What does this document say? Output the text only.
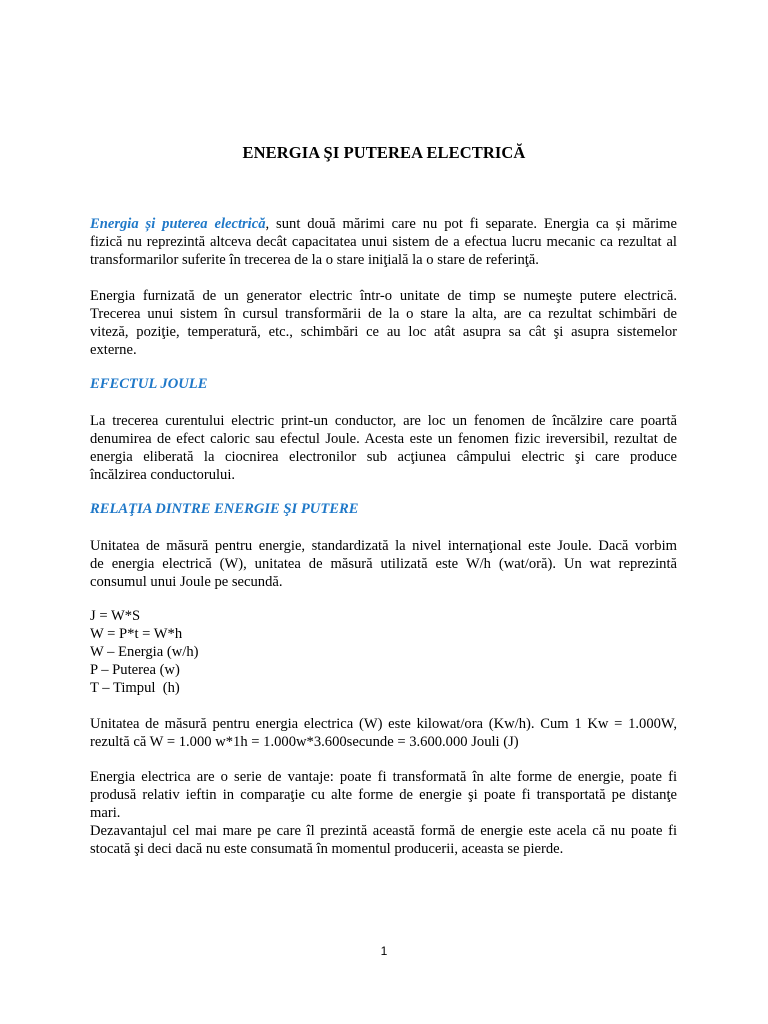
ENERGIA ŞI PUTEREA ELECTRICĂ
Energia și puterea electrică, sunt două mărimi care nu pot fi separate. Energia ca și mărime
fizică nu reprezintă altceva decât capacitatea unui sistem de a efectua lucru mecanic ca rezultat al
transformarilor suferite în trecerea de la o stare iniţială la o stare de referinţă.
Energia furnizată de un generator electric într-o unitate de timp se numeşte putere electrică.
Trecerea unui sistem în cursul transformării de la o stare la alta, are ca rezultat schimbări de
viteză, poziţie, temperatură, etc., schimbări ce au loc atât asupra sa cât şi asupra sistemelor
externe.
EFECTUL JOULE
La trecerea curentului electric print-un conductor, are loc un fenomen de încălzire care poartă
denumirea de efect caloric sau efectul Joule. Acesta este un fenomen fizic ireversibil, rezultat de
energia eliberată la ciocnirea electronilor sub acţiunea câmpului electric şi care produce
încălzirea conductorului.
RELAŢIA DINTRE ENERGIE ŞI PUTERE
Unitatea de măsură pentru energie, standardizată la nivel internaţional este Joule. Dacă vorbim
de energia electrică (W), unitatea de măsură utilizată este W/h (wat/oră). Un wat reprezintă
consumul unui Joule pe secundă.
J = W*S
W = P*t = W*h
W – Energia (w/h)
P – Puterea (w)
T – Timpul  (h)
Unitatea de măsură pentru energia electrica (W) este kilowat/ora (Kw/h). Cum 1 Kw = 1.000W,
rezultă că W = 1.000 w*1h = 1.000w*3.600secunde = 3.600.000 Jouli (J)
Energia electrica are o serie de vantaje: poate fi transformată în alte forme de energie, poate fi
produsă relativ ieftin in comparaţie cu alte forme de energie şi poate fi transportată pe distanţe
mari.
Dezavantajul cel mai mare pe care îl prezintă această formă de energie este acela că nu poate fi
stocată şi deci dacă nu este consumată în momentul producerii, aceasta se pierde.
1
